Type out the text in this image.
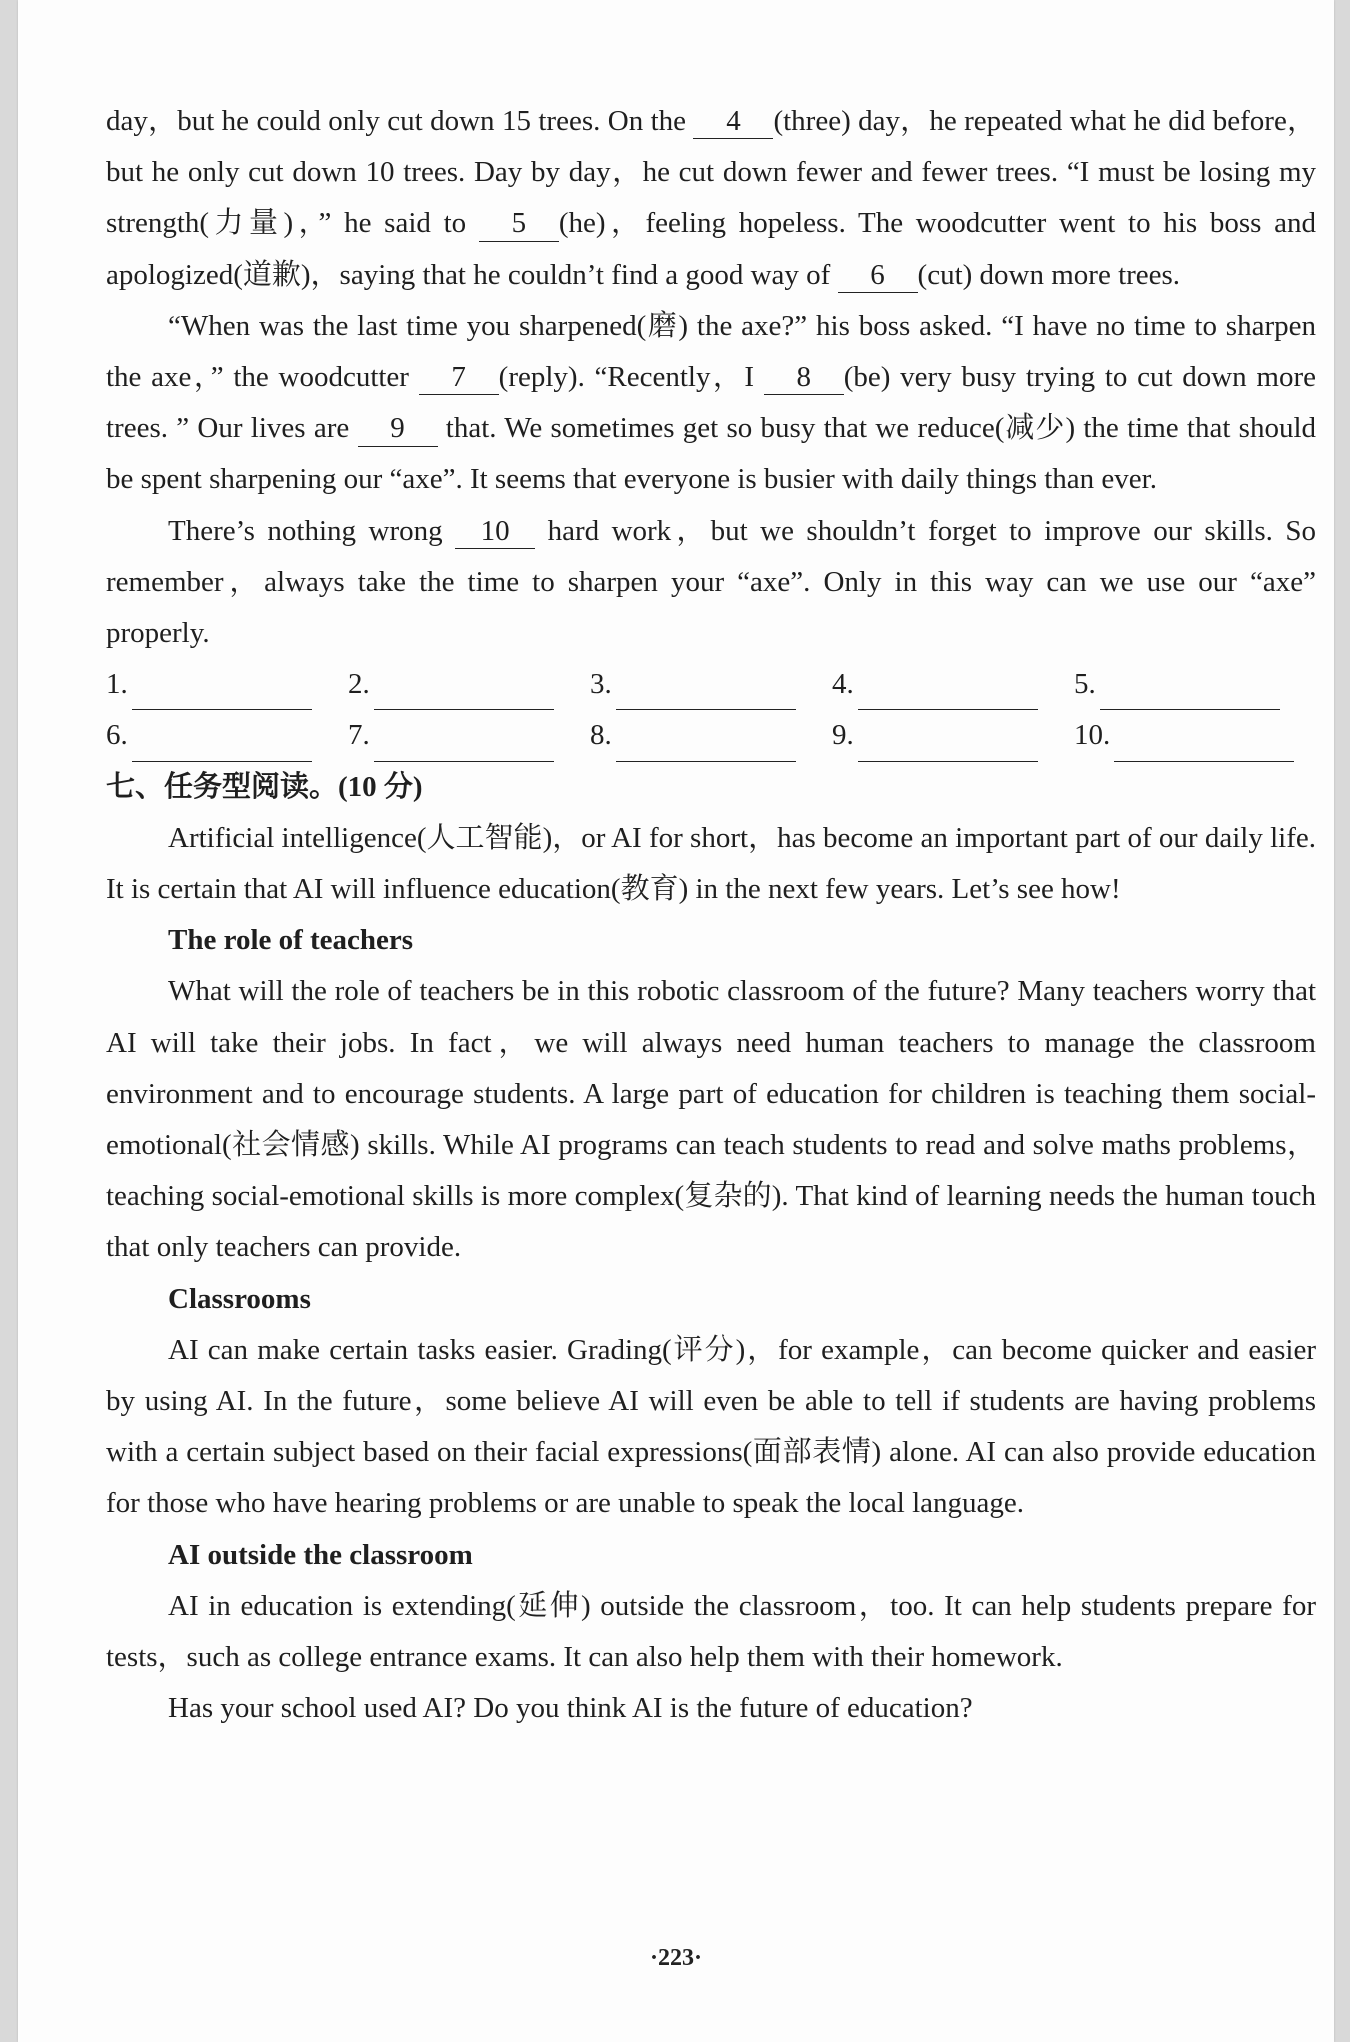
day，but he could only cut down 15 trees. On the 4 (three) day，he repeated what he did before，but he only cut down 10 trees. Day by day，he cut down fewer and fewer trees. “I must be losing my strength(力量)，” he said to 5 (he)，feeling hopeless. The woodcutter went to his boss and apologized(道歉)，saying that he couldn’t find a good way of 6 (cut) down more trees.

“When was the last time you sharpened(磨) the axe?” his boss asked. “I have no time to sharpen the axe，” the woodcutter 7 (reply). “Recently，I 8 (be) very busy trying to cut down more trees. ” Our lives are 9 that. We sometimes get so busy that we reduce(减少) the time that should be spent sharpening our “axe”. It seems that everyone is busier with daily things than ever.

There’s nothing wrong 10 hard work，but we shouldn’t forget to improve our skills. So remember，always take the time to sharpen your “axe”. Only in this way can we use our “axe” properly.

1.	2.	3.	4.	5.
6.	7.	8.	9.	10.

七、任务型阅读。(10 分)

Artificial intelligence(人工智能)，or AI for short，has become an important part of our daily life. It is certain that AI will influence education(教育) in the next few years. Let’s see how!

The role of teachers

What will the role of teachers be in this robotic classroom of the future? Many teachers worry that AI will take their jobs. In fact，we will always need human teachers to manage the classroom environment and to encourage students. A large part of education for children is teaching them social-emotional(社会情感) skills. While AI programs can teach students to read and solve maths problems，teaching social-emotional skills is more complex(复杂的). That kind of learning needs the human touch that only teachers can provide.

Classrooms

AI can make certain tasks easier. Grading(评分)，for example，can become quicker and easier by using AI. In the future，some believe AI will even be able to tell if students are having problems with a certain subject based on their facial expressions(面部表情) alone. AI can also provide education for those who have hearing problems or are unable to speak the local language.

AI outside the classroom

AI in education is extending(延伸) outside the classroom，too. It can help students prepare for tests，such as college entrance exams. It can also help them with their homework.

Has your school used AI? Do you think AI is the future of education?

·223·
